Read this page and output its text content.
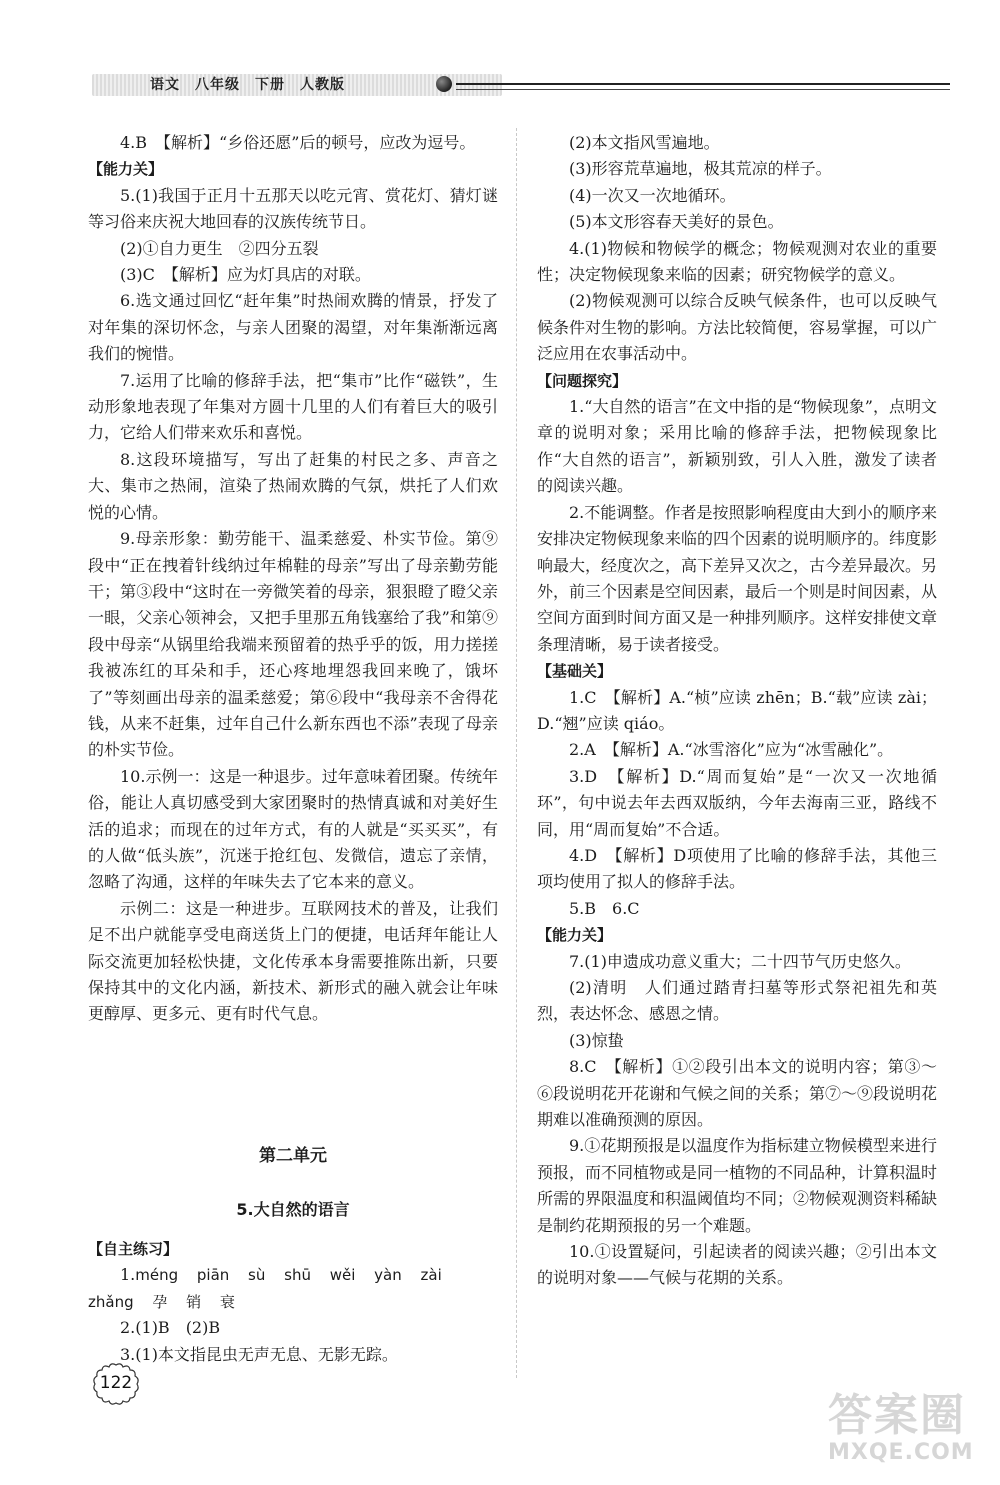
语文　八年级　下册　人教版

4.B　【解析】“乡俗还愿”后的顿号，应改为逗号。

【能力关】

5.(1)我国于正月十五那天以吃元宵、赏花灯、猜灯谜等习俗来庆祝大地回春的汉族传统节日。

(2)①自力更生　②四分五裂

(3)C　【解析】应为灯具店的对联。

6.选文通过回忆“赶年集”时热闹欢腾的情景，抒发了对年集的深切怀念，与亲人团聚的渴望，对年集渐渐远离我们的惋惜。

7.运用了比喻的修辞手法，把“集市”比作“磁铁”，生动形象地表现了年集对方圆十几里的人们有着巨大的吸引力，它给人们带来欢乐和喜悦。

8.这段环境描写，写出了赶集的村民之多、声音之大、集市之热闹，渲染了热闹欢腾的气氛，烘托了人们欢悦的心情。

9.母亲形象：勤劳能干、温柔慈爱、朴实节俭。第⑨段中“正在拽着针线纳过年棉鞋的母亲”写出了母亲勤劳能干；第③段中“这时在一旁微笑着的母亲，狠狠瞪了瞪父亲一眼，父亲心领神会，又把手里那五角钱塞给了我”和第⑨段中母亲“从锅里给我端来预留着的热乎乎的饭，用力搓搓我被冻红的耳朵和手，还心疼地埋怨我回来晚了，饿坏了”等刻画出母亲的温柔慈爱；第⑥段中“我母亲不舍得花钱，从来不赶集，过年自己什么新东西也不添”表现了母亲的朴实节俭。

10.示例一：这是一种退步。过年意味着团聚。传统年俗，能让人真切感受到大家团聚时的热情真诚和对美好生活的追求；而现在的过年方式，有的人就是“买买买”，有的人做“低头族”，沉迷于抢红包、发微信，遗忘了亲情，忽略了沟通，这样的年味失去了它本来的意义。

示例二：这是一种进步。互联网技术的普及，让我们足不出户就能享受电商送货上门的便捷，电话拜年能让人际交流更加轻松快捷，文化传承本身需要推陈出新，只要保持其中的文化内涵，新技术、新形式的融入就会让年味更醇厚、更多元、更有时代气息。

第二单元
5.大自然的语言

【自主练习】

1.méng piān sù shū wěi yàn zài

zhǎng 孕 销 衰

2.(1)B　(2)B

3.(1)本文指昆虫无声无息、无影无踪。

(2)本文指风雪遍地。

(3)形容荒草遍地，极其荒凉的样子。

(4)一次又一次地循环。

(5)本文形容春天美好的景色。

4.(1)物候和物候学的概念；物候观测对农业的重要性；决定物候现象来临的因素；研究物候学的意义。

(2)物候观测可以综合反映气候条件，也可以反映气候条件对生物的影响。方法比较简便，容易掌握，可以广泛应用在农事活动中。

【问题探究】

1.“大自然的语言”在文中指的是“物候现象”，点明文章的说明对象；采用比喻的修辞手法，把物候现象比作“大自然的语言”，新颖别致，引人入胜，激发了读者的阅读兴趣。

2.不能调整。作者是按照影响程度由大到小的顺序来安排决定物候现象来临的四个因素的说明顺序的。纬度影响最大，经度次之，高下差异又次之，古今差异最次。另外，前三个因素是空间因素，最后一个则是时间因素，从空间方面到时间方面又是一种排列顺序。这样安排使文章条理清晰，易于读者接受。

【基础关】

1.C　【解析】A.“桢”应读 zhēn；B.“载”应读 zài；D.“翘”应读 qiáo。

2.A　【解析】A.“冰雪溶化”应为“冰雪融化”。

3.D　【解析】D.“周而复始”是“一次又一次地循环”，句中说去年去西双版纳，今年去海南三亚，路线不同，用“周而复始”不合适。

4.D　【解析】D项使用了比喻的修辞手法，其他三项均使用了拟人的修辞手法。

5.B　6.C

【能力关】

7.(1)申遗成功意义重大；二十四节气历史悠久。

(2)清明　人们通过踏青扫墓等形式祭祀祖先和英烈，表达怀念、感恩之情。

(3)惊蛰

8.C　【解析】①②段引出本文的说明内容；第③～⑥段说明花开花谢和气候之间的关系；第⑦～⑨段说明花期难以准确预测的原因。

9.①花期预报是以温度作为指标建立物候模型来进行预报，而不同植物或是同一植物的不同品种，计算积温时所需的界限温度和积温阈值均不同；②物候观测资料稀缺是制约花期预报的另一个难题。

10.①设置疑问，引起读者的阅读兴趣；②引出本文的说明对象——气候与花期的关系。

122
答案圈
MXQE.COM
